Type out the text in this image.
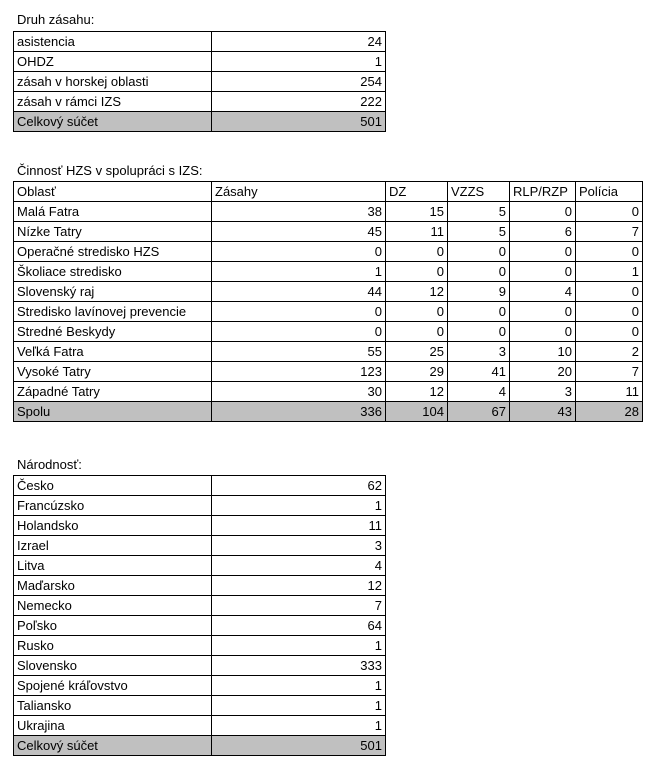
Druh zásahu:
asistencia	24
OHDZ	1
zásah v horskej oblasti	254
zásah v rámci IZS	222
Celkový súčet	501
Činnosť HZS v spolupráci s IZS:
Oblasť	Zásahy	DZ	VZZS	RLP/RZP	Polícia
Malá Fatra	38	15	5	0	0
Nízke Tatry	45	11	5	6	7
Operačné stredisko HZS	0	0	0	0	0
Školiace stredisko	1	0	0	0	1
Slovenský raj	44	12	9	4	0
Stredisko lavínovej prevencie	0	0	0	0	0
Stredné Beskydy	0	0	0	0	0
Veľká Fatra	55	25	3	10	2
Vysoké Tatry	123	29	41	20	7
Západné Tatry	30	12	4	3	11
Spolu	336	104	67	43	28
Národnosť:
Česko	62
Francúzsko	1
Holandsko	11
Izrael	3
Litva	4
Maďarsko	12
Nemecko	7
Poľsko	64
Rusko	1
Slovensko	333
Spojené kráľovstvo	1
Taliansko	1
Ukrajina	1
Celkový súčet	501
